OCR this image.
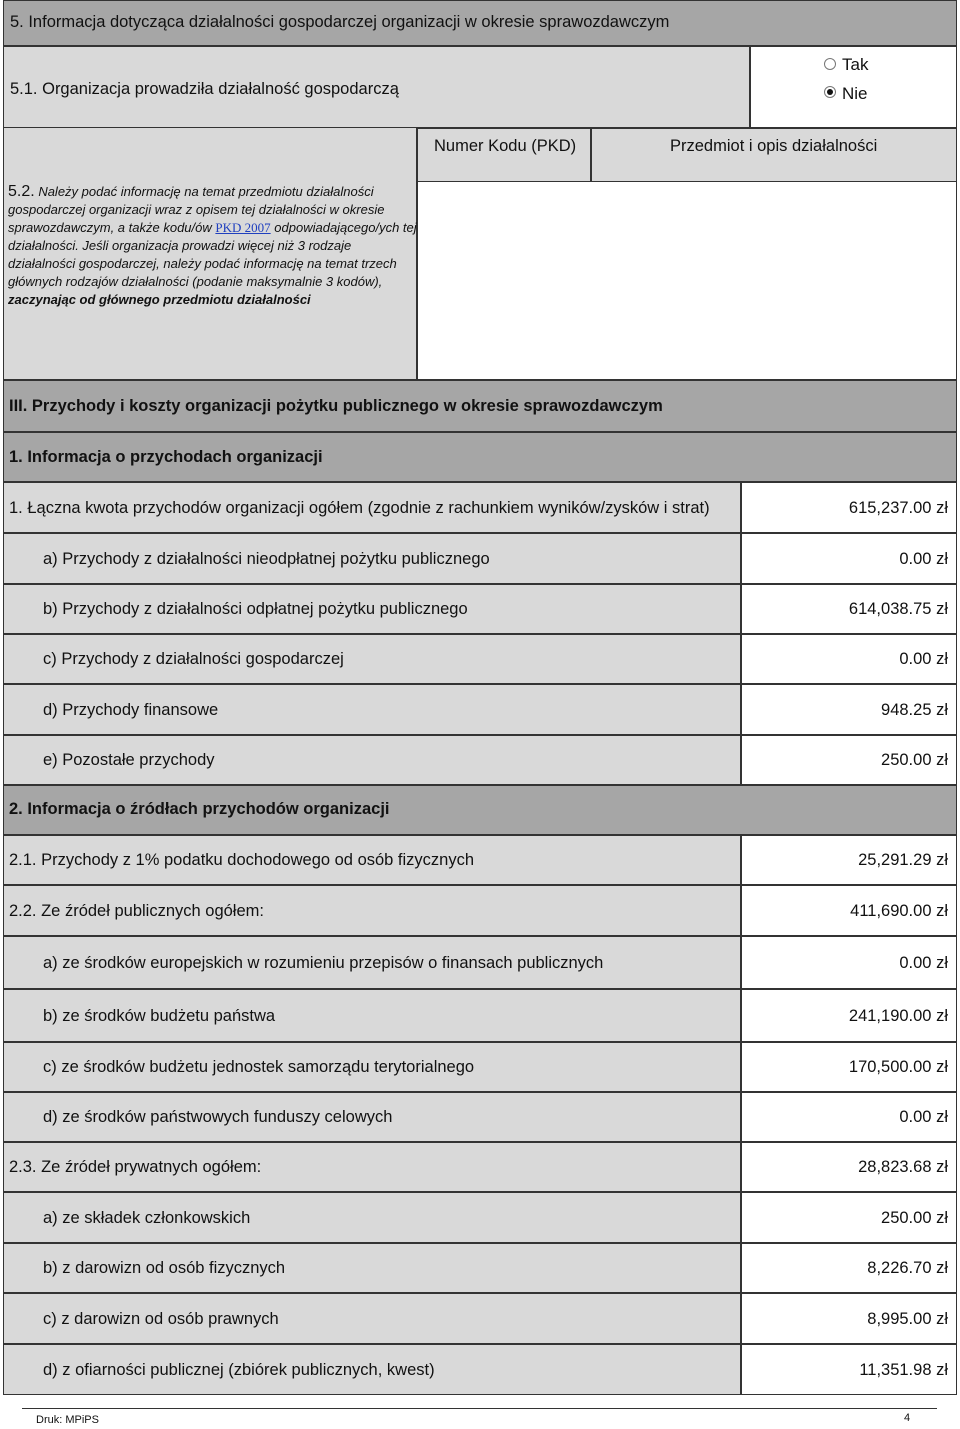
5. Informacja dotycząca działalności gospodarczej organizacji w okresie sprawozdawczym
5.1. Organizacja prowadziła działalność gospodarczą
Tak
Nie
Numer Kodu (PKD)	Przedmiot i opis działalności
5.2. Należy podać informację na temat przedmiotu działalności gospodarczej organizacji wraz z opisem tej działalności w okresie sprawozdawczym, a także kodu/ów PKD 2007 odpowiadającego/ych tej działalności. Jeśli organizacja prowadzi więcej niż 3 rodzaje działalności gospodarczej, należy podać informację na temat trzech głównych rodzajów działalności (podanie maksymalnie 3 kodów), zaczynając od głównego przedmiotu działalności
III. Przychody i koszty organizacji pożytku publicznego w okresie sprawozdawczym
1. Informacja o przychodach organizacji
1. Łączna kwota przychodów organizacji ogółem (zgodnie z rachunkiem wyników/zysków i strat)	615,237.00 zł
a) Przychody z działalności nieodpłatnej pożytku publicznego	0.00 zł
b) Przychody z działalności odpłatnej pożytku publicznego	614,038.75 zł
c) Przychody z działalności gospodarczej	0.00 zł
d) Przychody finansowe	948.25 zł
e) Pozostałe przychody	250.00 zł
2. Informacja o źródłach przychodów organizacji
2.1. Przychody z 1% podatku dochodowego od osób fizycznych	25,291.29 zł
2.2. Ze źródeł publicznych ogółem:	411,690.00 zł
a) ze środków europejskich w rozumieniu przepisów o finansach publicznych	0.00 zł
b) ze środków budżetu państwa	241,190.00 zł
c) ze środków budżetu jednostek samorządu terytorialnego	170,500.00 zł
d) ze środków państwowych funduszy celowych	0.00 zł
2.3. Ze źródeł prywatnych ogółem:	28,823.68 zł
a) ze składek członkowskich	250.00 zł
b) z darowizn od osób fizycznych	8,226.70 zł
c) z darowizn od osób prawnych	8,995.00 zł
d) z ofiarności publicznej (zbiórek publicznych, kwest)	11,351.98 zł
Druk: MPiPS	4
